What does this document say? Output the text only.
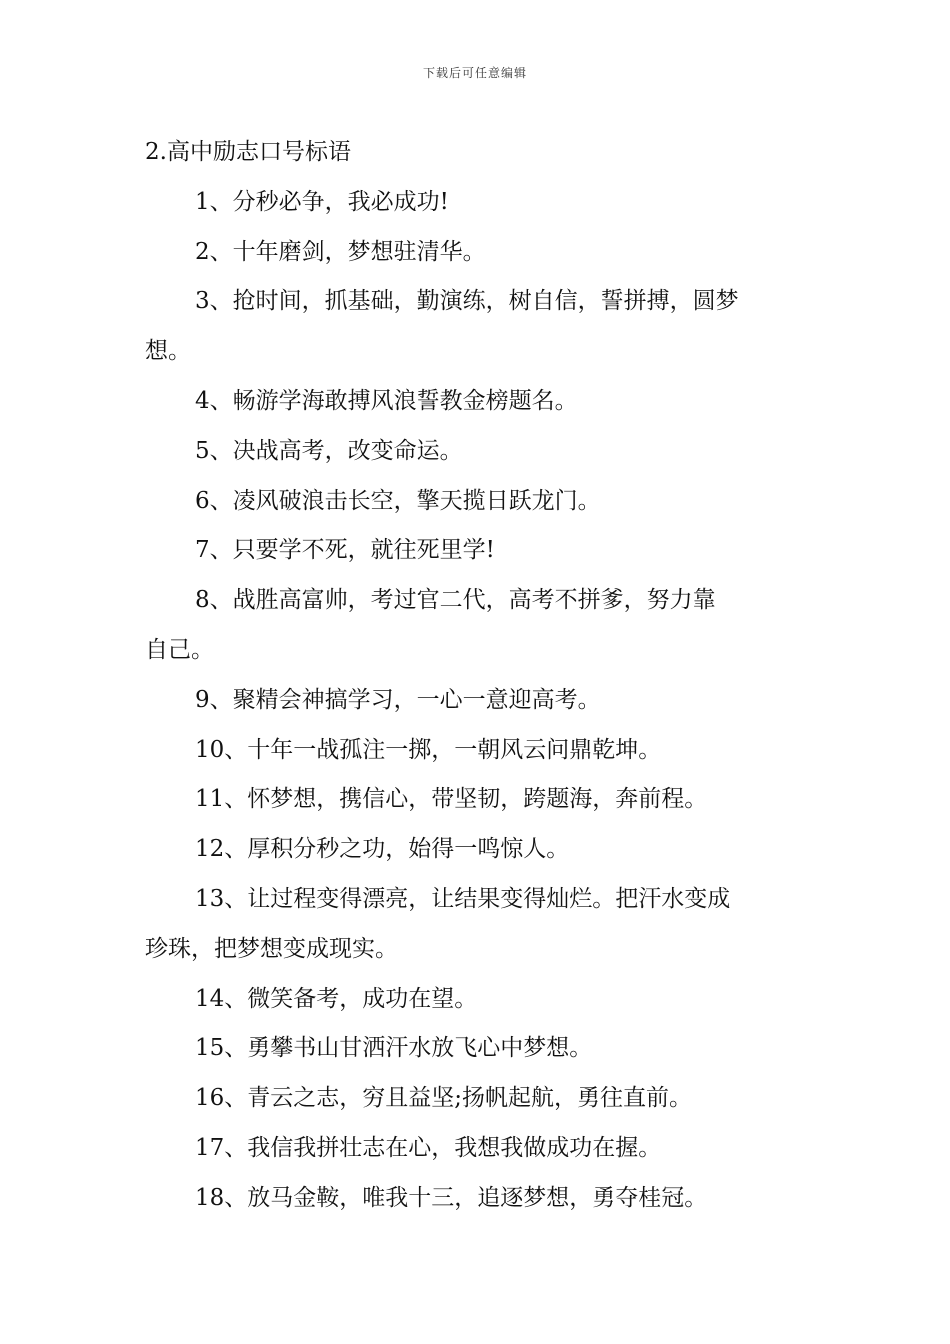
下载后可任意编辑

2.高中励志口号标语

1、分秒必争，我必成功!

2、十年磨剑，梦想驻清华。

3、抢时间，抓基础，勤演练，树自信，誓拼搏，圆梦

想。

4、畅游学海敢搏风浪誓教金榜题名。

5、决战高考，改变命运。

6、凌风破浪击长空，擎天揽日跃龙门。

7、只要学不死，就往死里学!

8、战胜高富帅，考过官二代，高考不拼爹，努力靠

自己。

9、聚精会神搞学习，一心一意迎高考。

10、十年一战孤注一掷，一朝风云问鼎乾坤。

11、怀梦想，携信心，带坚韧，跨题海，奔前程。

12、厚积分秒之功，始得一鸣惊人。

13、让过程变得漂亮，让结果变得灿烂。把汗水变成

珍珠，把梦想变成现实。

14、微笑备考，成功在望。

15、勇攀书山甘洒汗水放飞心中梦想。

16、青云之志，穷且益坚;扬帆起航，勇往直前。

17、我信我拼壮志在心，我想我做成功在握。

18、放马金鞍，唯我十三，追逐梦想，勇夺桂冠。
